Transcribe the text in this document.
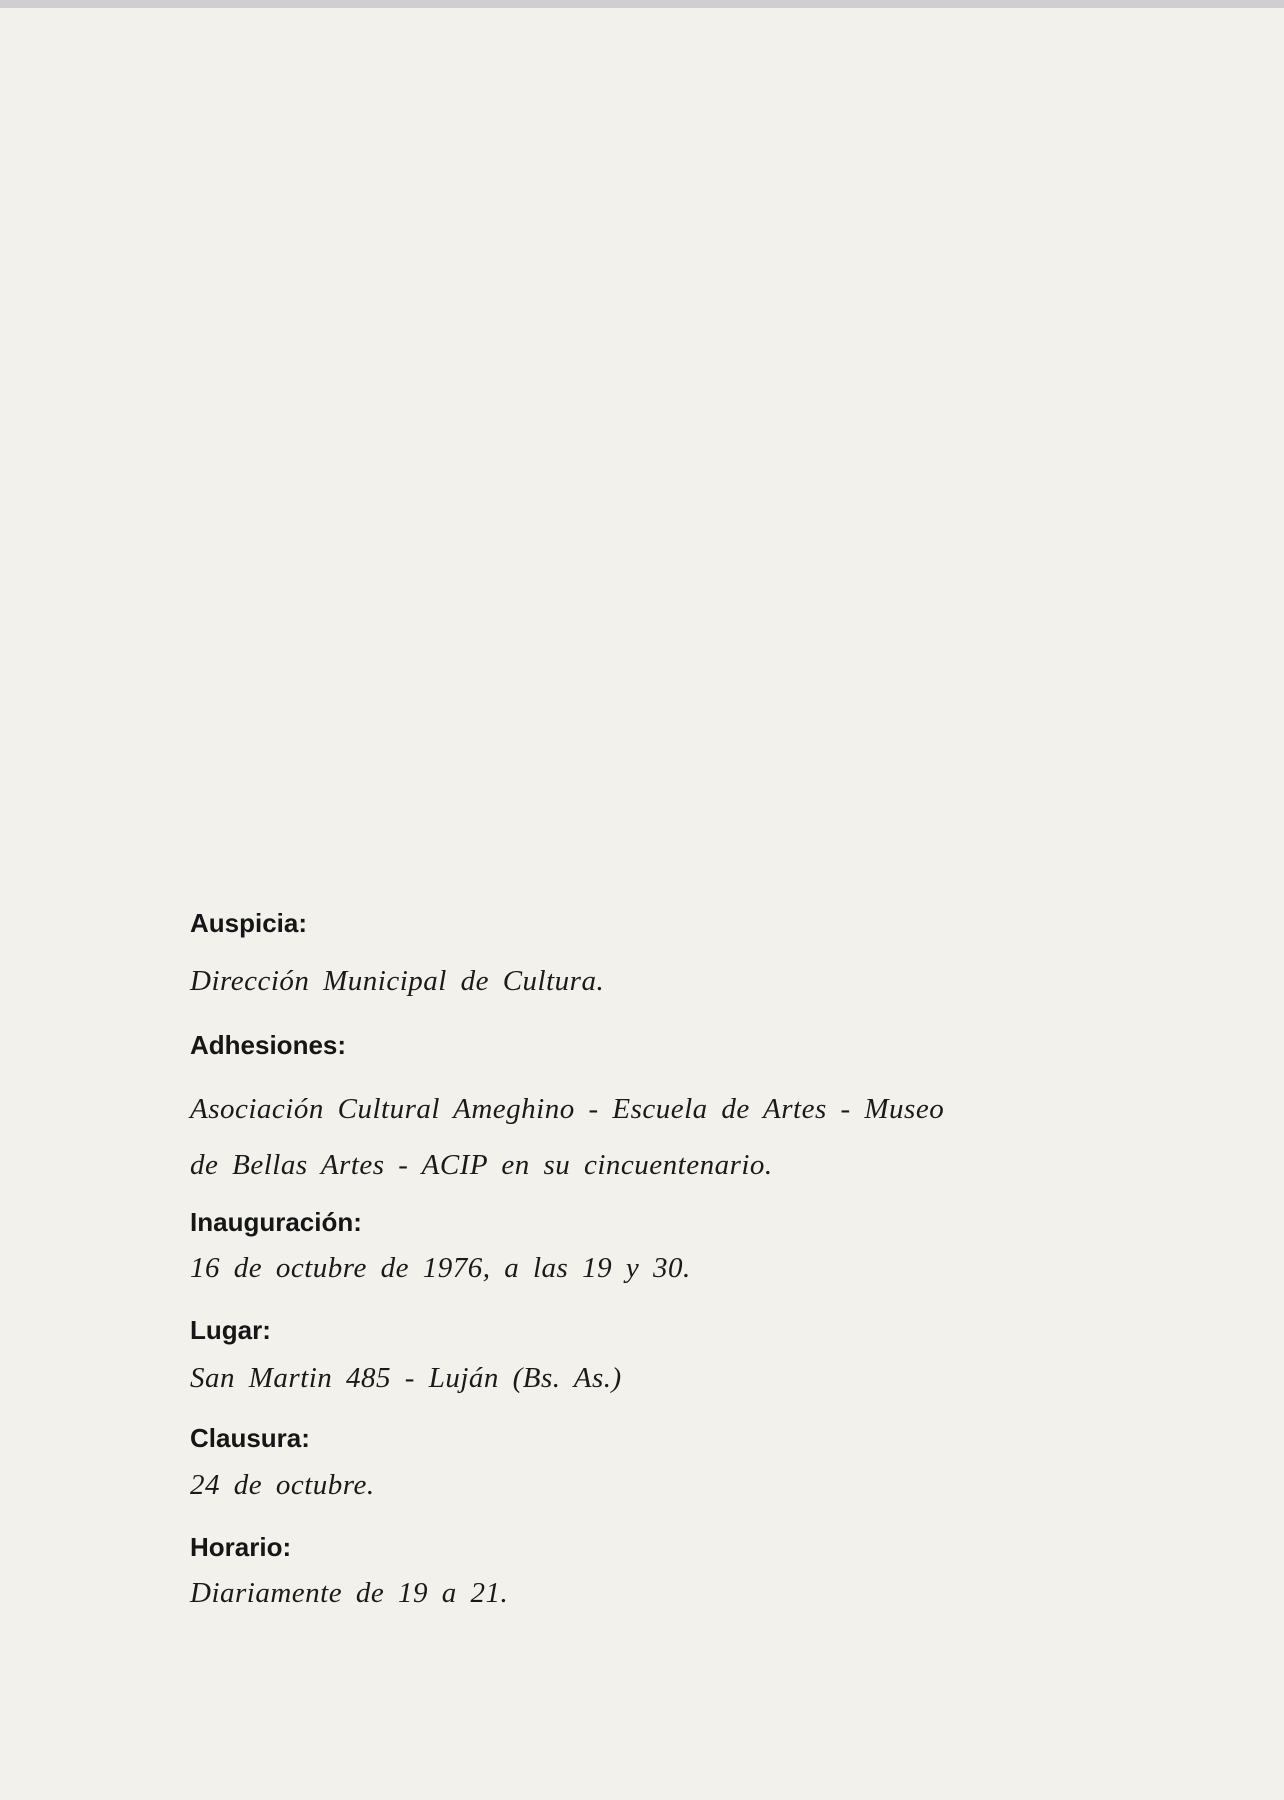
Auspicia:

Dirección Municipal de Cultura.

Adhesiones:

Asociación Cultural Ameghino - Escuela de Artes - Museo
de Bellas Artes - ACIP en su cincuentenario.

Inauguración:

16 de octubre de 1976, a las 19 y 30.

Lugar:

San Martin 485 - Luján (Bs. As.)

Clausura:

24 de octubre.

Horario:

Diariamente de 19 a 21.
